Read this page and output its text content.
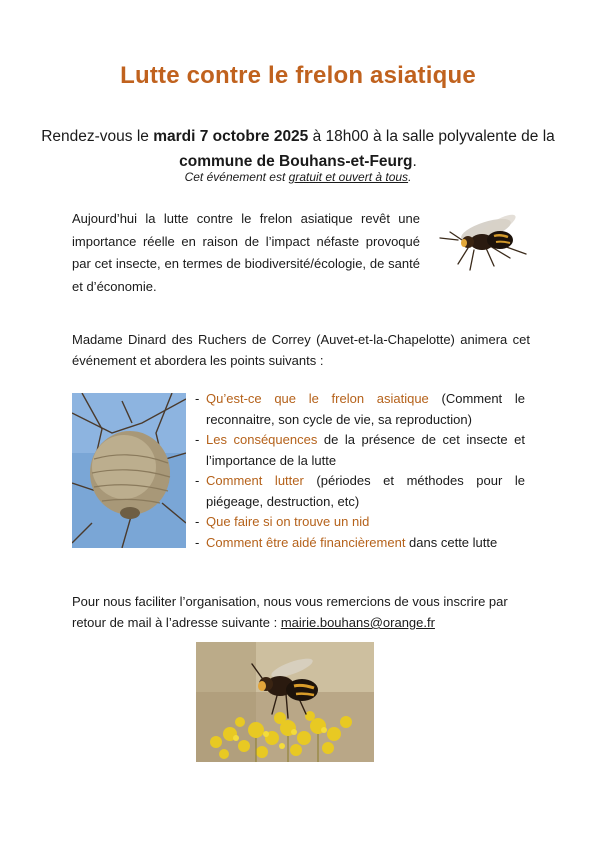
Lutte contre le frelon asiatique
Rendez-vous le mardi 7 octobre 2025 à 18h00 à la salle polyvalente de la commune de Bouhans-et-Feurg.
Cet événement est gratuit et ouvert à tous.

Aujourd’hui la lutte contre le frelon asiatique revêt une importance réelle en raison de l’impact néfaste provoqué par cet insecte, en termes de biodiversité/écologie, de santé et d’économie.

Madame Dinard des Ruchers de Correy (Auvet-et-la-Chapelotte) animera cet événement et abordera les points suivants :

- Qu’est-ce que le frelon asiatique (Comment le reconnaitre, son cycle de vie, sa reproduction)
- Les conséquences de la présence de cet insecte et l’importance de la lutte
- Comment lutter (périodes et méthodes pour le piégeage, destruction, etc)
- Que faire si on trouve un nid
- Comment être aidé financièrement dans cette lutte

Pour nous faciliter l’organisation, nous vous remercions de vous inscrire par retour de mail à l’adresse suivante : mairie.bouhans@orange.fr
